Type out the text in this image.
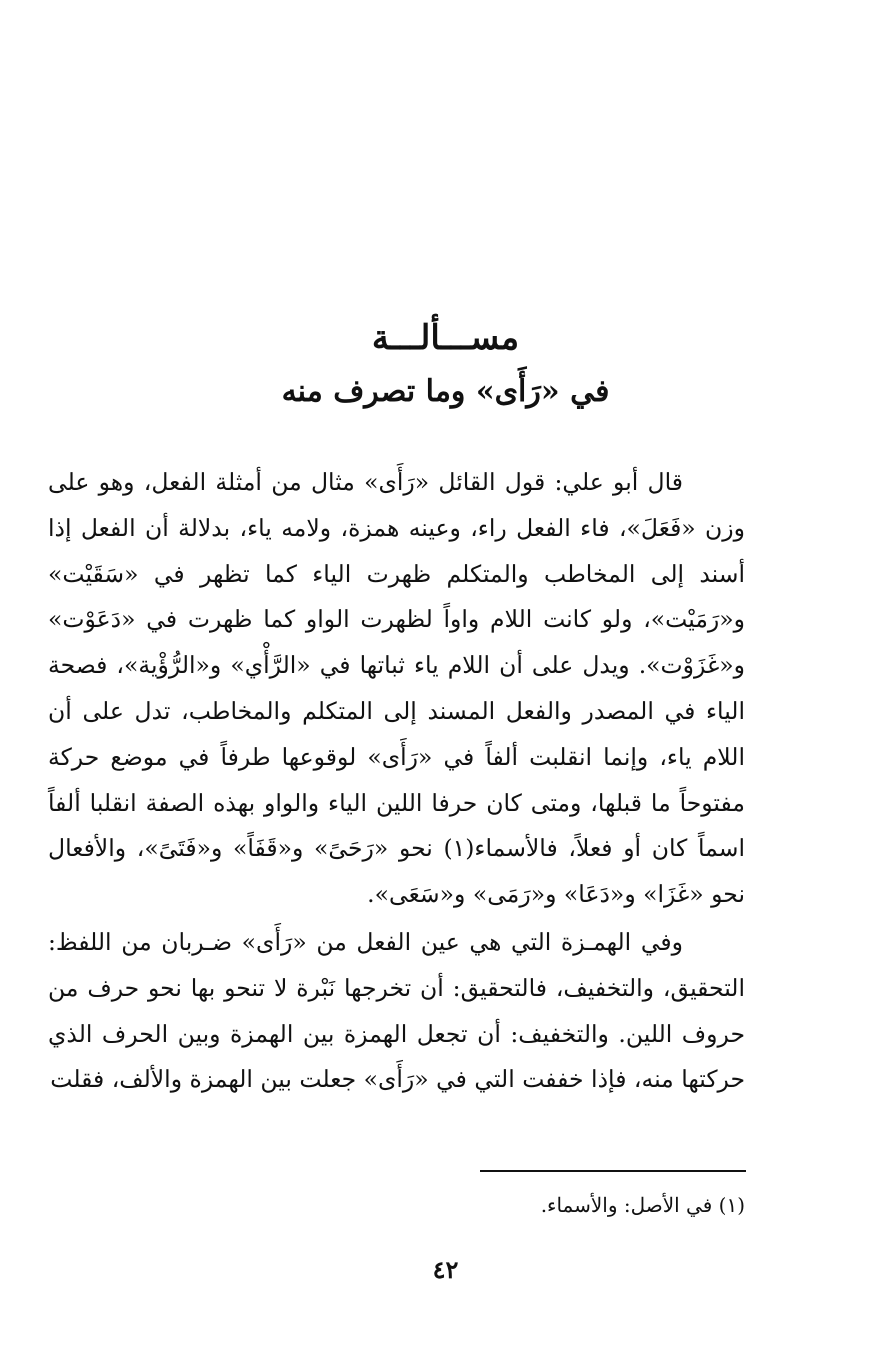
مســـألـــة
في «رَأَى» وما تصرف منه

قال أبو علي: قول القائل «رَأَى» مثال من أمثلة الفعل، وهو على وزن «فَعَلَ»، فاء الفعل راء، وعينه همزة، ولامه ياء، بدلالة أن الفعل إذا أسند إلى المخاطب والمتكلم ظهرت الياء كما تظهر في «سَقَيْت» و«رَمَيْت»، ولو كانت اللام واواً لظهرت الواو كما ظهرت في «دَعَوْت» و«غَزَوْت». ويدل على أن اللام ياء ثباتها في «الرَّأْي» و«الرُّؤْية»، فصحة الياء في المصدر والفعل المسند إلى المتكلم والمخاطب، تدل على أن اللام ياء، وإنما انقلبت ألفاً في «رَأَى» لوقوعها طرفاً في موضع حركة مفتوحاً ما قبلها، ومتى كان حرفا اللين الياء والواو بهذه الصفة انقلبا ألفاً اسماً كان أو فعلاً، فالأسماء(١) نحو «رَحَىً» و«قَفَاً» و«فَتَىً»، والأفعال نحو «غَزَا» و«دَعَا» و«رَمَى» و«سَعَى».

وفي الهمـزة التي هي عين الفعل من «رَأَى» ضـربان من اللفظ: التحقيق، والتخفيف، فالتحقيق: أن تخرجها نَبْرة لا تنحو بها نحو حرف من حروف اللين. والتخفيف: أن تجعل الهمزة بين الهمزة وبين الحرف الذي حركتها منه، فإذا خففت التي في «رَأَى» جعلت بين الهمزة والألف، فقلت

(١) في الأصل: والأسماء.
٤٢
